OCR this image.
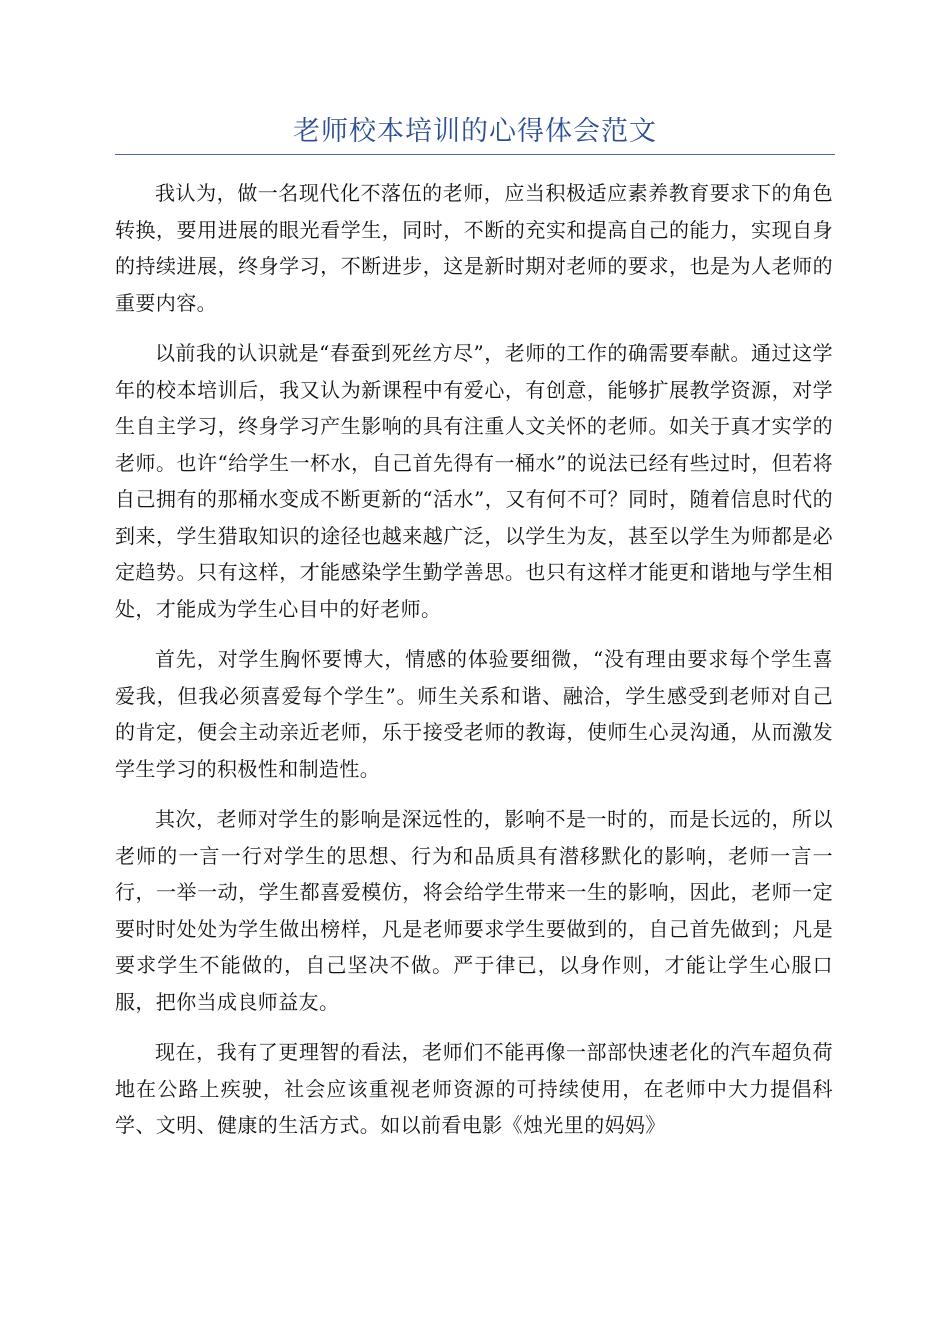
老师校本培训的心得体会范文

我认为，做一名现代化不落伍的老师，应当积极适应素养教育要求下的角色转换，要用进展的眼光看学生，同时，不断的充实和提高自己的能力，实现自身的持续进展，终身学习，不断进步，这是新时期对老师的要求，也是为人老师的重要内容。

以前我的认识就是“春蚕到死丝方尽”，老师的工作的确需要奉献。通过这学年的校本培训后，我又认为新课程中有爱心，有创意，能够扩展教学资源，对学生自主学习，终身学习产生影响的具有注重人文关怀的老师。如关于真才实学的老师。也许“给学生一杯水，自己首先得有一桶水”的说法已经有些过时，但若将自己拥有的那桶水变成不断更新的“活水”，又有何不可？同时，随着信息时代的到来，学生猎取知识的途径也越来越广泛，以学生为友，甚至以学生为师都是必定趋势。只有这样，才能感染学生勤学善思。也只有这样才能更和谐地与学生相处，才能成为学生心目中的好老师。

首先，对学生胸怀要博大，情感的体验要细微，“没有理由要求每个学生喜爱我，但我必须喜爱每个学生”。师生关系和谐、融洽，学生感受到老师对自己的肯定，便会主动亲近老师，乐于接受老师的教诲，使师生心灵沟通，从而激发学生学习的积极性和制造性。

其次，老师对学生的影响是深远性的，影响不是一时的，而是长远的，所以老师的一言一行对学生的思想、行为和品质具有潜移默化的影响，老师一言一行，一举一动，学生都喜爱模仿，将会给学生带来一生的影响，因此，老师一定要时时处处为学生做出榜样，凡是老师要求学生要做到的，自己首先做到；凡是要求学生不能做的，自己坚决不做。严于律已，以身作则，才能让学生心服口服，把你当成良师益友。

现在，我有了更理智的看法，老师们不能再像一部部快速老化的汽车超负荷地在公路上疾驶，社会应该重视老师资源的可持续使用，在老师中大力提倡科学、文明、健康的生活方式。如以前看电影《烛光里的妈妈》
